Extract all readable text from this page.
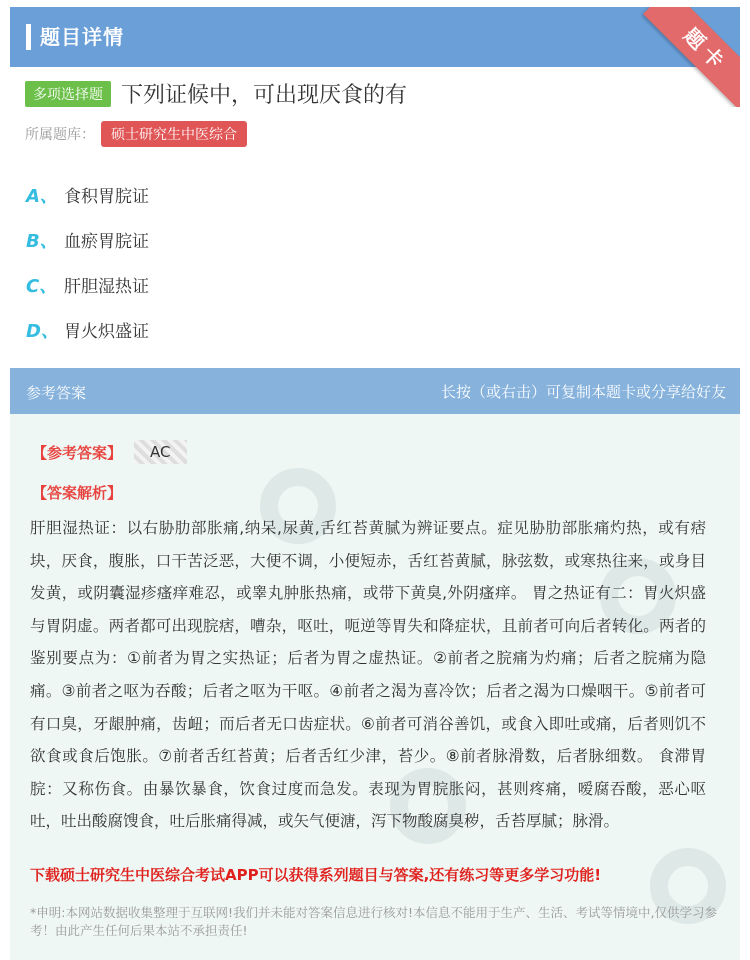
题目详情	题卡
多项选择题 下列证候中，可出现厌食的有
所属题库：	硕士研究生中医综合
A、 食积胃脘证
B、 血瘀胃脘证
C、 肝胆湿热证
D、 胃火炽盛证
参考答案	长按（或右击）可复制本题卡或分享给好友
【参考答案】	AC
【答案解析】
肝胆湿热证：以右胁肋部胀痛,纳呆,尿黄,舌红苔黄腻为辨证要点。症见胁肋部胀痛灼热，或有痞块，厌食，腹胀，口干苦泛恶，大便不调，小便短赤，舌红苔黄腻，脉弦数，或寒热往来，或身目发黄，或阴囊湿疹瘙痒难忍，或睾丸肿胀热痛，或带下黄臭,外阴瘙痒。 胃之热证有二：胃火炽盛与胃阴虚。两者都可出现脘痞，嘈杂，呕吐，呃逆等胃失和降症状，且前者可向后者转化。两者的鉴别要点为：①前者为胃之实热证；后者为胃之虚热证。②前者之脘痛为灼痛；后者之脘痛为隐痛。③前者之呕为吞酸；后者之呕为干呕。④前者之渴为喜冷饮；后者之渴为口燥咽干。⑤前者可有口臭，牙龈肿痛，齿衄；而后者无口齿症状。⑥前者可消谷善饥，或食入即吐或痛，后者则饥不欲食或食后饱胀。⑦前者舌红苔黄；后者舌红少津，苔少。⑧前者脉滑数，后者脉细数。 食滞胃脘：又称伤食。由暴饮暴食，饮食过度而急发。表现为胃脘胀闷，甚则疼痛，嗳腐吞酸，恶心呕吐，吐出酸腐馊食，吐后胀痛得减，或矢气便溏，泻下物酸腐臭秽，舌苔厚腻；脉滑。
下载硕士研究生中医综合考试APP可以获得系列题目与答案,还有练习等更多学习功能!
*申明:本网站数据收集整理于互联网!我们并未能对答案信息进行核对!本信息不能用于生产、生活、考试等情境中,仅供学习参考！由此产生任何后果本站不承担责任!
